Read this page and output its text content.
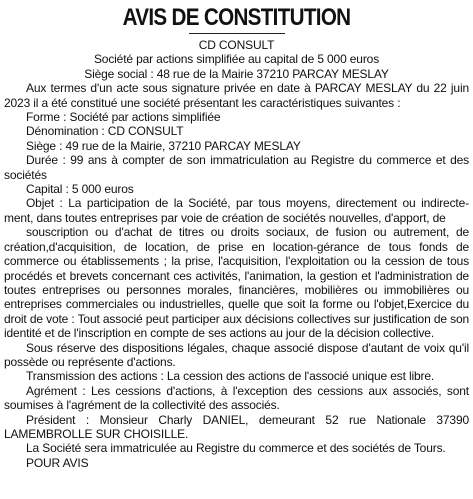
AVIS DE CONSTITUTION
CD CONSULT
Société par actions simplifiée au capital de 5 000 euros
Siège social : 48 rue de la Mairie 37210 PARCAY MESLAY
Aux termes d'un acte sous signature privée en date à PARCAY MESLAY du 22 juin 2023 il a été constitué une société présentant les caractéristiques suivantes :
Forme : Société par actions simplifiée
Dénomination : CD CONSULT
Siège : 49 rue de la Mairie, 37210 PARCAY MESLAY
Durée : 99 ans à compter de son immatriculation au Registre du commerce et des sociétés
Capital : 5 000 euros
Objet : La participation de la Société, par tous moyens, directement ou indirecte-ment, dans toutes entreprises par voie de création de sociétés nouvelles, d'apport, de
souscription ou d'achat de titres ou droits sociaux, de fusion ou autrement, de création,d'acquisition, de location, de prise en location-gérance de tous fonds de commerce ou établissements ; la prise, l'acquisition, l'exploitation ou la cession de tous procédés et brevets concernant ces activités, l'animation, la gestion et l'administration de toutes entreprises ou personnes morales, financières, mobilières ou immobilières ou entreprises commerciales ou industrielles, quelle que soit la forme ou l'objet,Exercice du droit de vote : Tout associé peut participer aux décisions collectives sur justification de son identité et de l'inscription en compte de ses actions au jour de la décision collective.
Sous réserve des dispositions légales, chaque associé dispose d'autant de voix qu'il possède ou représente d'actions.
Transmission des actions : La cession des actions de l'associé unique est libre.
Agrément : Les cessions d'actions, à l'exception des cessions aux associés, sont soumises à l'agrément de la collectivité des associés.
Président : Monsieur Charly DANIEL, demeurant 52 rue Nationale 37390 LAMEMBROLLE SUR CHOISILLE.
La Société sera immatriculée au Registre du commerce et des sociétés de Tours.
POUR AVIS
